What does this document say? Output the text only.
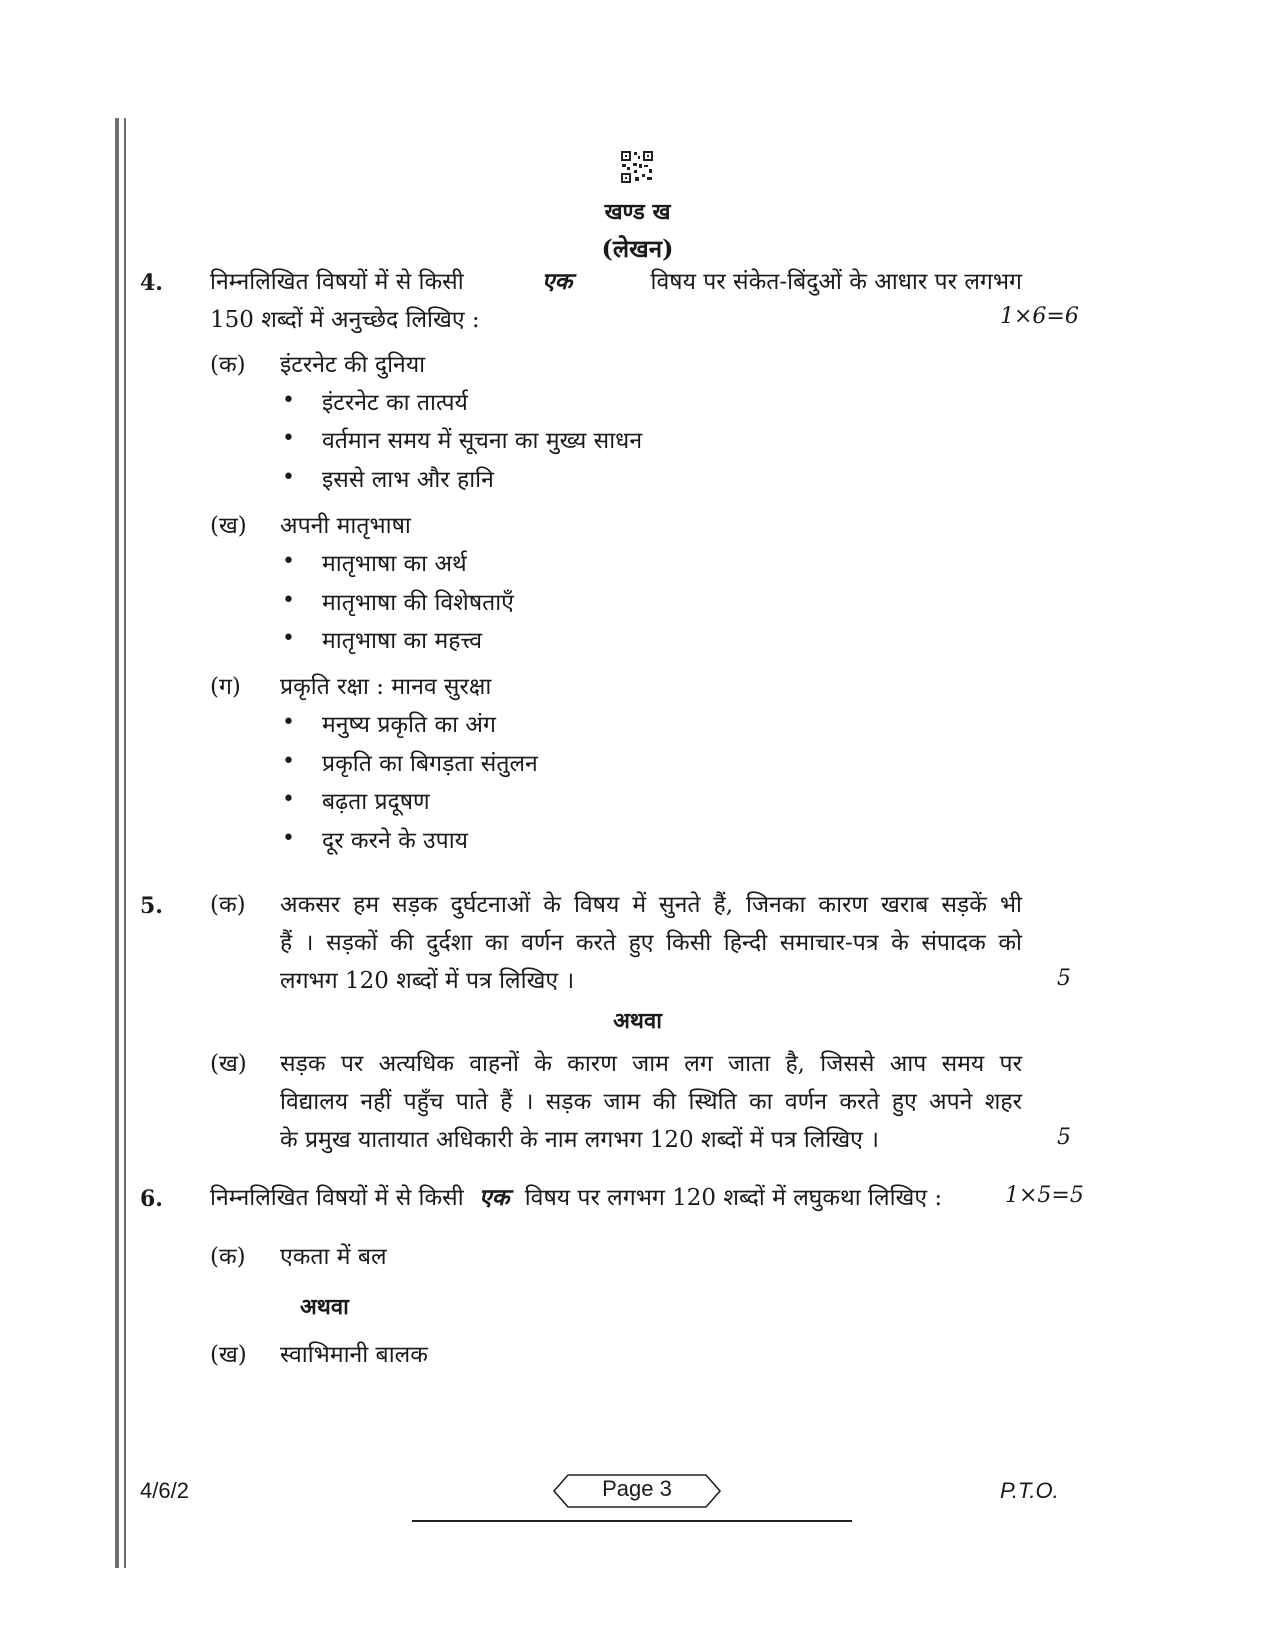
खण्ड ख
(लेखन)
4. निम्नलिखित विषयों में से किसी	एक	विषय पर संकेत-बिंदुओं के आधार पर लगभग
150 शब्दों में अनुच्छेद लिखिए :	1×6=6
(क) इंटरनेट की दुनिया
• इंटरनेट का तात्पर्य
• वर्तमान समय में सूचना का मुख्य साधन
• इससे लाभ और हानि
(ख) अपनी मातृभाषा
• मातृभाषा का अर्थ
• मातृभाषा की विशेषताएँ
• मातृभाषा का महत्त्व
(ग) प्रकृति रक्षा : मानव सुरक्षा
• मनुष्य प्रकृति का अंग
• प्रकृति का बिगड़ता संतुलन
• बढ़ता प्रदूषण
• दूर करने के उपाय
5. (क) अकसर हम सड़क दुर्घटनाओं के विषय में सुनते हैं, जिनका कारण खराब सड़कें भी
हैं । सड़कों की दुर्दशा का वर्णन करते हुए किसी हिन्दी समाचार-पत्र के संपादक को
लगभग 120 शब्दों में पत्र लिखिए ।	5
अथवा
(ख) सड़क पर अत्यधिक वाहनों के कारण जाम लग जाता है, जिससे आप समय पर
विद्यालय नहीं पहुँच पाते हैं । सड़क जाम की स्थिति का वर्णन करते हुए अपने शहर
के प्रमुख यातायात अधिकारी के नाम लगभग 120 शब्दों में पत्र लिखिए ।	5
6. निम्नलिखित विषयों में से किसी एक विषय पर लगभग 120 शब्दों में लघुकथा लिखिए :	1×5=5
(क) एकता में बल
अथवा
(ख) स्वाभिमानी बालक
4/6/2	Page 3	P.T.O.
